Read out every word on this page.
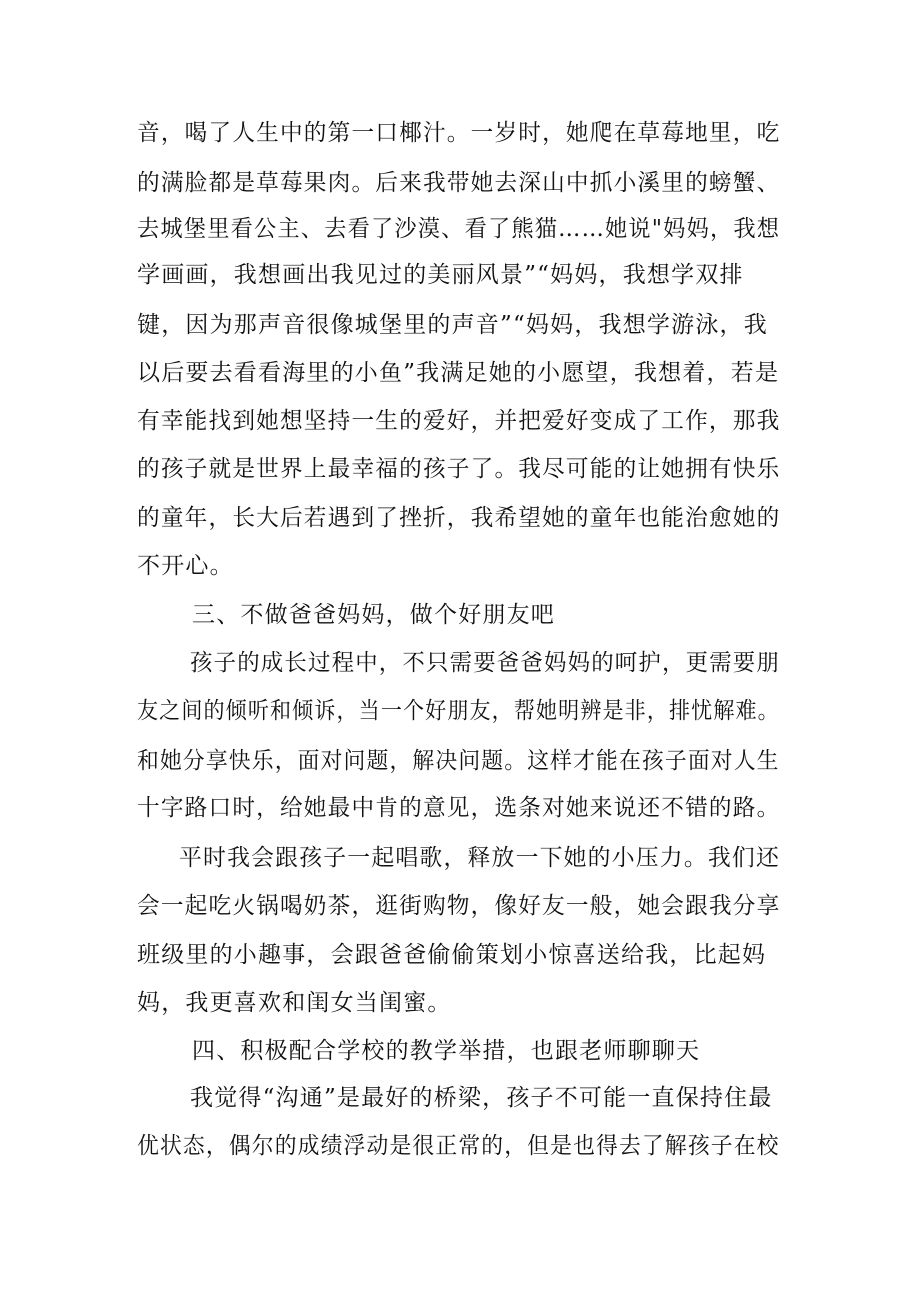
音，喝了人生中的第一口椰汁。一岁时，她爬在草莓地里，吃
的满脸都是草莓果肉。后来我带她去深山中抓小溪里的螃蟹、
去城堡里看公主、去看了沙漠、看了熊猫……她说"妈妈，我想
学画画，我想画出我见过的美丽风景”“妈妈，我想学双排
键，因为那声音很像城堡里的声音”“妈妈，我想学游泳，我
以后要去看看海里的小鱼”我满足她的小愿望，我想着，若是
有幸能找到她想坚持一生的爱好，并把爱好变成了工作，那我
的孩子就是世界上最幸福的孩子了。我尽可能的让她拥有快乐
的童年，长大后若遇到了挫折，我希望她的童年也能治愈她的
不开心。
三、不做爸爸妈妈，做个好朋友吧
孩子的成长过程中，不只需要爸爸妈妈的呵护，更需要朋
友之间的倾听和倾诉，当一个好朋友，帮她明辨是非，排忧解难。
和她分享快乐，面对问题，解决问题。这样才能在孩子面对人生
十字路口时，给她最中肯的意见，选条对她来说还不错的路。
平时我会跟孩子一起唱歌，释放一下她的小压力。我们还
会一起吃火锅喝奶茶，逛街购物，像好友一般，她会跟我分享
班级里的小趣事，会跟爸爸偷偷策划小惊喜送给我，比起妈
妈，我更喜欢和闺女当闺蜜。
四、积极配合学校的教学举措，也跟老师聊聊天
我觉得“沟通”是最好的桥梁，孩子不可能一直保持住最
优状态，偶尔的成绩浮动是很正常的，但是也得去了解孩子在校
